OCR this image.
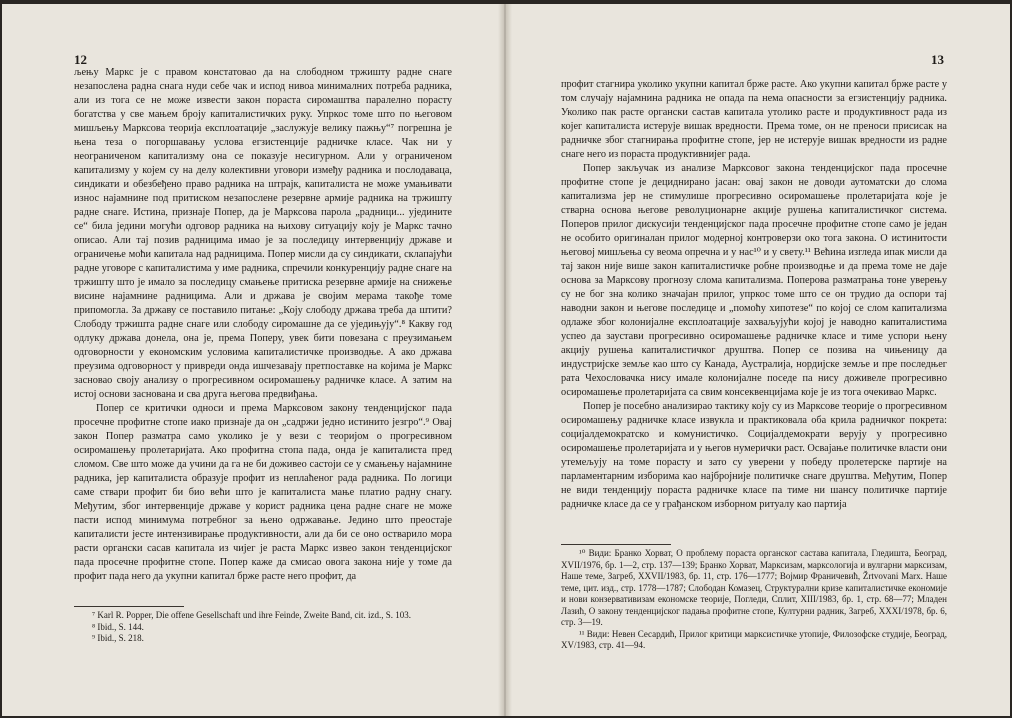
12

љењу Маркс је с правом констатовао да на слободном тржишту радне снаге незапослена радна снага нуди себе чак и испод нивоа минималних потреба радника, али из тога се не може извести закон пораста сиромаштва паралелно порасту богатства у све мањем броју капиталистичких руку. Упркос томе што по његовом мишљењу Марксова теорија експлоатације „заслужује велику пажњу“⁷ погрешна је њена теза о погоршавању услова егзистенције радничке класе. Чак ни у неограниченом капитализму она се показује несигурном. Али у ограниченом капитализму у којем су на делу колективни уговори између радника и послодаваца, синдикати и обезбеђено право радника на штрајк, капиталиста не може умањивати износ најамнине под притиском незапослене резервне армије радника на тржишту радне снаге. Истина, признаје Попер, да је Марксова парола „радници... уједините се“ била једини могући одговор радника на њихову ситуацију коју је Маркс тачно описао. Али тај позив радницима имао је за последицу интервенцију државе и ограничење моћи капитала над радницима. Попер мисли да су синдикати, склапајући радне уговоре с капиталистима у име радника, спречили конкуренцију радне снаге на тржишту што је имало за последицу смањење притиска резервне армије на снижење висине најамнине радницима. Али и држава је својим мерама такође томе припомогла. За државу се поставило питање: „Коју слободу држава треба да штити? Слободу тржишта радне снаге или слободу сиромашне да се уједињују“.⁸ Какву год одлуку држава донела, она је, према Поперу, увек бити повезана с преузимањем одговорности у економским условима капиталистичке производње. А ако држава преузима одговорност у привреди онда ишчезавају претпоставке на којима је Маркс засновао своју анализу о прогресивном осиромашењу радничке класе. А затим на истој основи заснована и сва друга његова предвиђања.

Попер се критички односи и према Марксовом закону тенденцијског пада просечне профитне стопе иако признаје да он „садржи једно истинито језгро“.⁹ Овај закон Попер разматра само уколико је у вези с теоријом о прогресивном осиромашењу пролетаријата. Ако профитна стопа пада, онда је капиталиста пред сломом. Све што може да учини да га не би доживео састоји се у смањењу најамнине радника, јер капиталиста образује профит из неплаћеног рада радника. По логици саме ствари профит би био већи што је капиталиста мање платио радну снагу. Међутим, због интервенције државе у корист радника цена радне снаге не може пасти испод минимума потребног за њено одржавање. Једино што преостаје капиталисти јесте интензивирање продуктивности, али да би се оно остварило мора расти органски сасав капитала из чијег је раста Маркс извео закон тенденцијског пада просечне профитне стопе. Попер каже да смисао овога закона није у томе да профит пада него да укупни капитал брже расте него профит, да

⁷ Karl R. Popper, Die offene Gesellschaft und ihre Feinde, Zweite Band, cit. izd., S. 103.

⁸ Ibid., S. 144.

⁹ Ibid., S. 218.

13

профит стагнира уколико укупни капитал брже расте. Ако укупни капитал брже расте у том случају најамнина радника не опада па нема опасности за егзистенцију радника. Уколико пак расте органски састав капитала утолико расте и продуктивност рада из којег капиталиста истерује вишак вредности. Према томе, он не преноси присисак на радничке због стагнирања профитне стопе, јер не истерује вишак вредности из радне снаге него из пораста продуктивнијег рада.

Попер закључак из анализе Марксовог закона тенденцијског пада просечне профитне стопе је дециднирано јасан: овај закон не доводи аутоматски до слома капитализма јер не стимулише прогресивно осиромашење пролетаријата које је стварна основа његове револуционарне акције рушења капиталистичког система. Поперов прилог дискусији тенденцијског пада просечне профитне стопе само је један не особито оригиналан прилог модерној контроверзи око тога закона. О истинитости његовој мишљења су веома опречна и у нас¹⁰ и у свету.¹¹ Већина изгледа ипак мисли да тај закон није више закон капиталистичке робне производње и да према томе не даје основа за Марксову прогнозу слома капитализма. Поперова разматрања тоне уверењу су не бог зна колико значајан прилог, упркос томе што се он трудио да оспори тај наводни закон и његове последице и „помоћу хипотезе“ по којој се слом капитализма одлаже због колонијалне експлоатације захваљујући којој је наводно капиталистима успео да заустави прогресивно осиромашење радничке класе и тиме успори њену акцију рушења капиталистичког друштва. Попер се позива на чињеницу да индустријске земље као што су Канада, Аустралија, нордијске земље и пре последњег рата Чехословачка нису имале колонијалне поседе па нису доживеле прогресивно осиромашење пролетаријата са свим консеквенцијама које је из тога очекивао Маркс.

Попер је посебно анализирао тактику коју су из Марксове теорије о прогресивном осиромашењу радничке класе извукла и практиковала оба крила радничког покрета: социјалдемократско и комунистичко. Социјалдемократи верују у прогресивно осиромашење пролетаријата и у његов нумерички раст. Освајање политичке власти они утемељују на томе порасту и зато су уверени у победу пролетерске партије на парламентарним изборима као најбројније политичке снаге друштва. Међутим, Попер не види тенденцију пораста радничке класе па тиме ни шансу политичке партије радничке класе да се у грађанском изборном ритуалу као партија

¹⁰ Види: Бранко Хорват, О проблему пораста органског састава капитала, Гледишта, Београд, XVII/1976, бр. 1—2, стр. 137—139; Бранко Хорват, Марксизам, марксологија и вулгарни марксизам, Наше теме, Загреб, XXVII/1983, бр. 11, стр. 176—1777; Војмир Франичевић, Žrtvovani Marx. Наше теме, цит. изд., стр. 1778—1787; Слободан Комазец, Структурални кризе капиталистичке економије и нови конзервативизам економске теорије, Погледи, Сплит, XIII/1983, бр. 1, стр. 68—77; Младен Лазић, О закону тенденцијског падања профитне стопе, Културни радник, Загреб, XXXI/1978, бр. 6, стр. 3—19.

¹¹ Види: Невен Сесардић, Прилог критици марксистичке утопије, Филозофске студије, Београд, XV/1983, стр. 41—94.
